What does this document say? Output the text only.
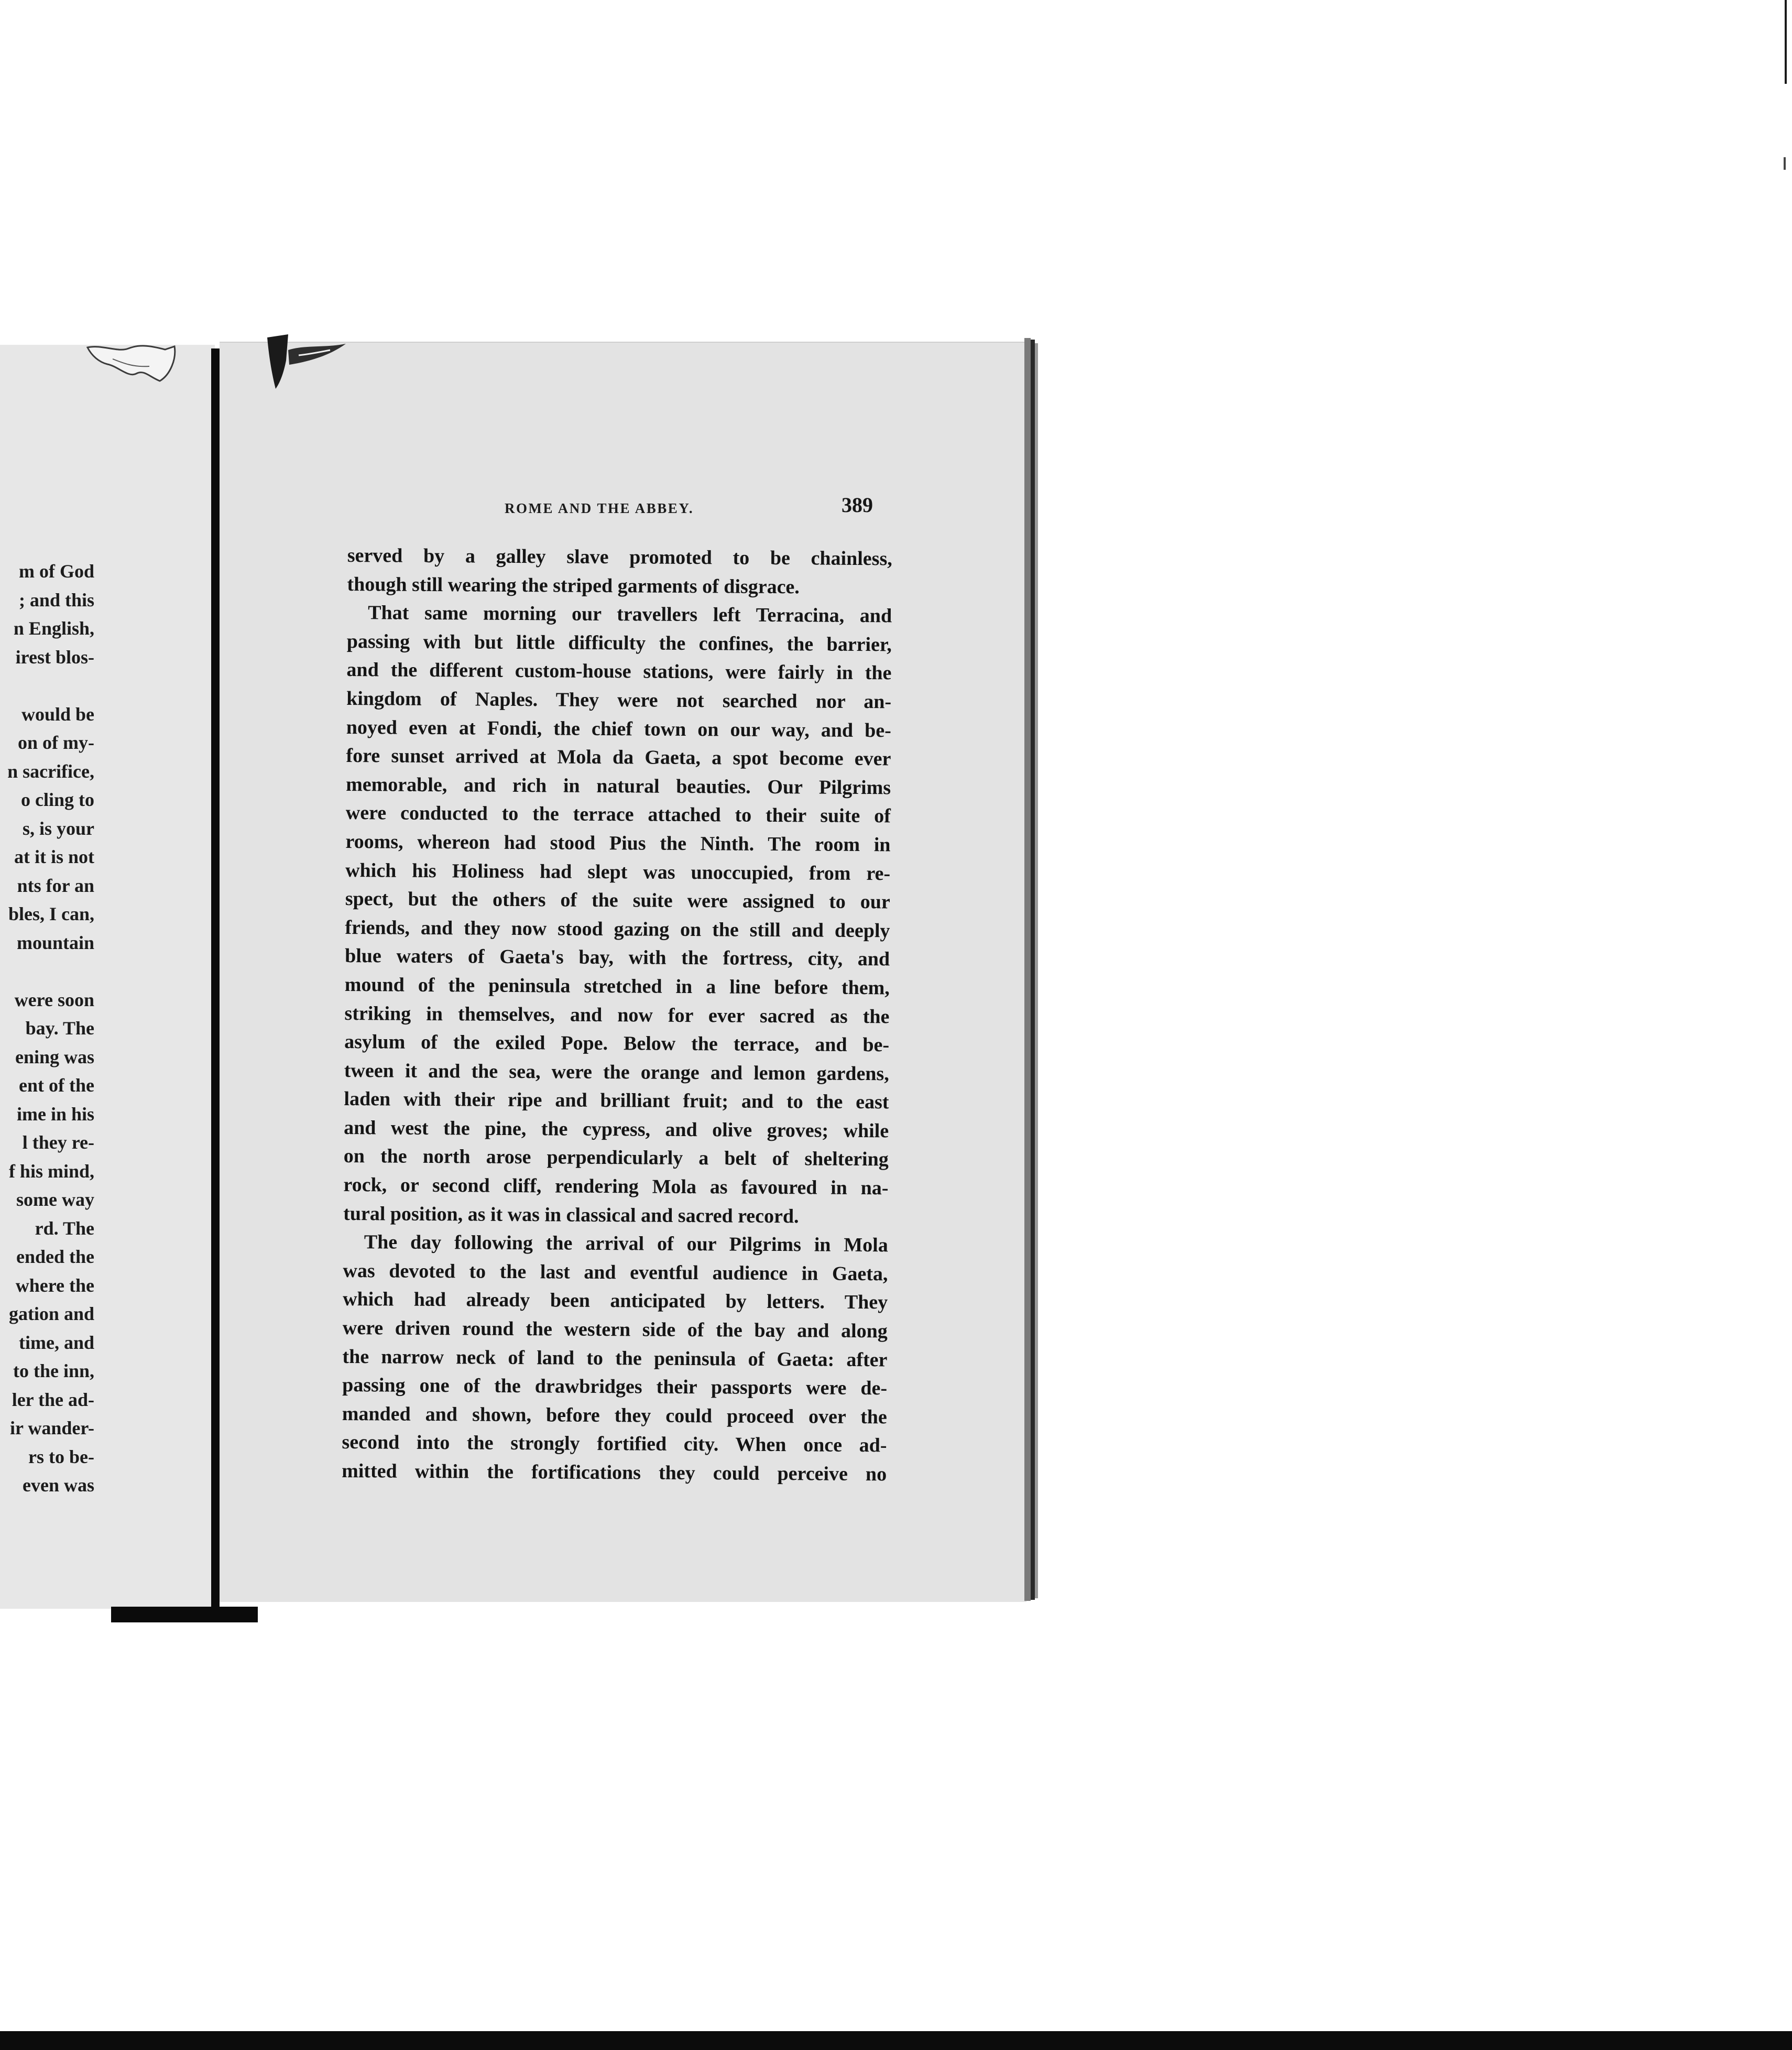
m of God
; and this
n English,
irest blos-
would be
on of my-
n sacrifice,
o cling to
s, is your
at it is not
nts for an
bles, I can,
mountain
were soon
bay. The
ening was
ent of the
ime in his
l they re-
f his mind,
some way
rd. The
ended the
where the
gation and
time, and
to the inn,
ler the ad-
ir wander-
rs to be-
even was
ROME AND THE ABBEY.	389
served by a galley slave promoted to be chainless,
though still wearing the striped garments of disgrace.
That same morning our travellers left Terracina, and
passing with but little difficulty the confines, the barrier,
and the different custom-house stations, were fairly in the
kingdom of Naples. They were not searched nor an-
noyed even at Fondi, the chief town on our way, and be-
fore sunset arrived at Mola da Gaeta, a spot become ever
memorable, and rich in natural beauties. Our Pilgrims
were conducted to the terrace attached to their suite of
rooms, whereon had stood Pius the Ninth. The room in
which his Holiness had slept was unoccupied, from re-
spect, but the others of the suite were assigned to our
friends, and they now stood gazing on the still and deeply
blue waters of Gaeta's bay, with the fortress, city, and
mound of the peninsula stretched in a line before them,
striking in themselves, and now for ever sacred as the
asylum of the exiled Pope. Below the terrace, and be-
tween it and the sea, were the orange and lemon gardens,
laden with their ripe and brilliant fruit; and to the east
and west the pine, the cypress, and olive groves; while
on the north arose perpendicularly a belt of sheltering
rock, or second cliff, rendering Mola as favoured in na-
tural position, as it was in classical and sacred record.
The day following the arrival of our Pilgrims in Mola
was devoted to the last and eventful audience in Gaeta,
which had already been anticipated by letters. They
were driven round the western side of the bay and along
the narrow neck of land to the peninsula of Gaeta: after
passing one of the drawbridges their passports were de-
manded and shown, before they could proceed over the
second into the strongly fortified city. When once ad-
mitted within the fortifications they could perceive no
